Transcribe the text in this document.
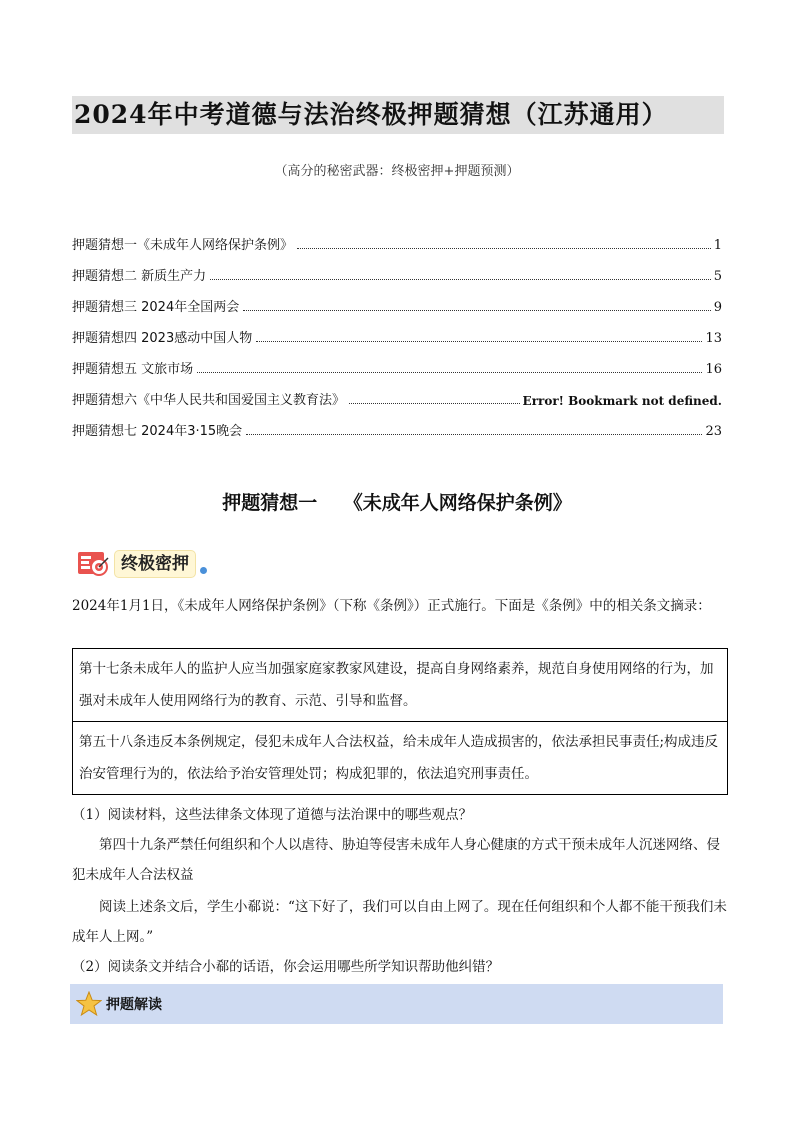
2024年中考道德与法治终极押题猜想（江苏通用）
（高分的秘密武器：终极密押+押题预测）
押题猜想一《未成年人网络保护条例》	1
押题猜想二 新质生产力	5
押题猜想三 2024年全国两会	9
押题猜想四 2023感动中国人物	13
押题猜想五 文旅市场	16
押题猜想六《中华人民共和国爱国主义教育法》	Error! Bookmark not defined.
押题猜想七 2024年3·15晚会	23
押题猜想一    《未成年人网络保护条例》
终极密押
2024年1月1日，《未成年人网络保护条例》（下称《条例》）正式施行。下面是《条例》中的相关条文摘录：
第十七条未成年人的监护人应当加强家庭家教家风建设，提高自身网络素养，规范自身使用网络的行为，加强对未成年人使用网络行为的教育、示范、引导和监督。
第五十八条违反本条例规定，侵犯未成年人合法权益，给未成年人造成损害的，依法承担民事责任;构成违反治安管理行为的，依法给予治安管理处罚；构成犯罪的，依法追究刑事责任。
（1）阅读材料，这些法律条文体现了道德与法治课中的哪些观点？
第四十九条严禁任何组织和个人以虐待、胁迫等侵害未成年人身心健康的方式干预未成年人沉迷网络、侵犯未成年人合法权益
阅读上述条文后，学生小郗说：“这下好了，我们可以自由上网了。现在任何组织和个人都不能干预我们未成年人上网。”
（2）阅读条文并结合小郗的话语，你会运用哪些所学知识帮助他纠错？
押题解读
